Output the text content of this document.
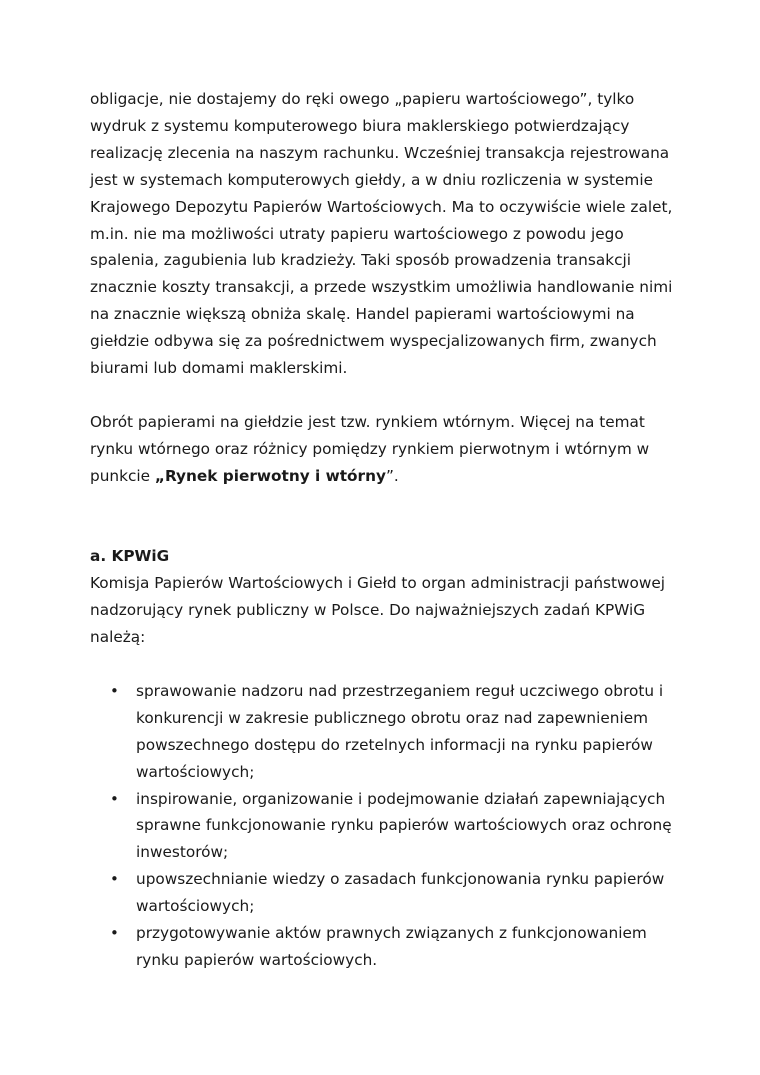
obligacje, nie dostajemy do ręki owego „papieru wartościowego”, tylko wydruk z systemu komputerowego biura maklerskiego potwierdzający realizację zlecenia na naszym rachunku. Wcześniej transakcja rejestrowana jest w systemach komputerowych giełdy, a w dniu rozliczenia w systemie Krajowego Depozytu Papierów Wartościowych. Ma to oczywiście wiele zalet, m.in. nie ma możliwości utraty papieru wartościowego z powodu jego spalenia, zagubienia lub kradzieży. Taki sposób prowadzenia transakcji znacznie koszty transakcji, a przede wszystkim umożliwia handlowanie nimi na znacznie większą obniża skalę. Handel papierami wartościowymi na giełdzie odbywa się za pośrednictwem wyspecjalizowanych firm, zwanych biurami lub domami maklerskimi.

Obrót papierami na giełdzie jest tzw. rynkiem wtórnym. Więcej na temat rynku wtórnego oraz różnicy pomiędzy rynkiem pierwotnym i wtórnym w punkcie „Rynek pierwotny i wtórny”.

a. KPWiG

Komisja Papierów Wartościowych i Giełd to organ administracji państwowej nadzorujący rynek publiczny w Polsce. Do najważniejszych zadań KPWiG należą:

• sprawowanie nadzoru nad przestrzeganiem reguł uczciwego obrotu i konkurencji w zakresie publicznego obrotu oraz nad zapewnieniem powszechnego dostępu do rzetelnych informacji na rynku papierów wartościowych;
• inspirowanie, organizowanie i podejmowanie działań zapewniających sprawne funkcjonowanie rynku papierów wartościowych oraz ochronę inwestorów;
• upowszechnianie wiedzy o zasadach funkcjonowania rynku papierów wartościowych;
• przygotowywanie aktów prawnych związanych z funkcjonowaniem rynku papierów wartościowych.
